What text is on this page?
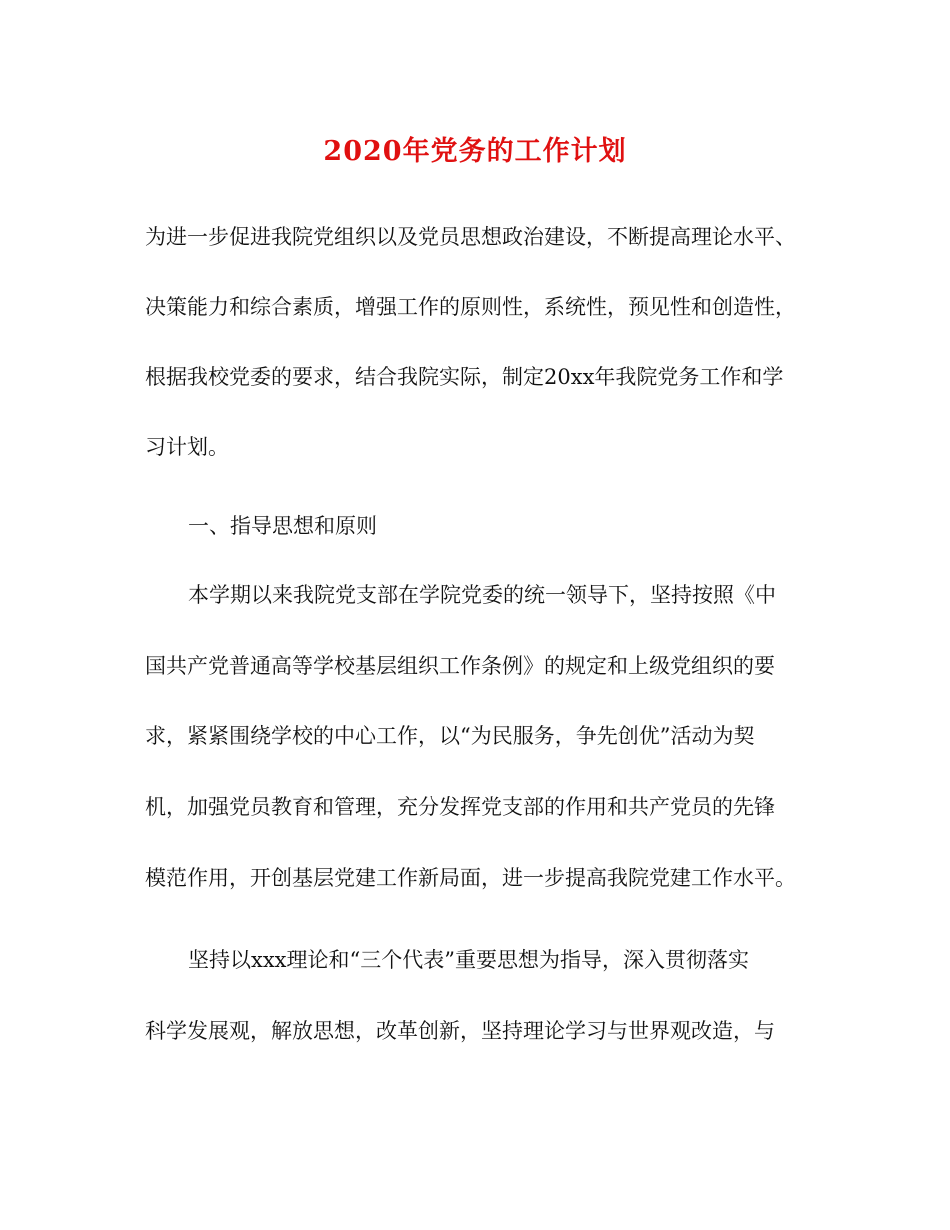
2020年党务的工作计划
为进一步促进我院党组织以及党员思想政治建设，不断提高理论水平、
决策能力和综合素质，增强工作的原则性，系统性，预见性和创造性，
根据我校党委的要求，结合我院实际，制定20xx年我院党务工作和学
习计划。
一、指导思想和原则
本学期以来我院党支部在学院党委的统一领导下，坚持按照《中
国共产党普通高等学校基层组织工作条例》的规定和上级党组织的要
求，紧紧围绕学校的中心工作，以“为民服务，争先创优”活动为契
机，加强党员教育和管理，充分发挥党支部的作用和共产党员的先锋
模范作用，开创基层党建工作新局面，进一步提高我院党建工作水平。
坚持以xxx理论和“三个代表”重要思想为指导，深入贯彻落实
科学发展观，解放思想，改革创新，坚持理论学习与世界观改造，与
